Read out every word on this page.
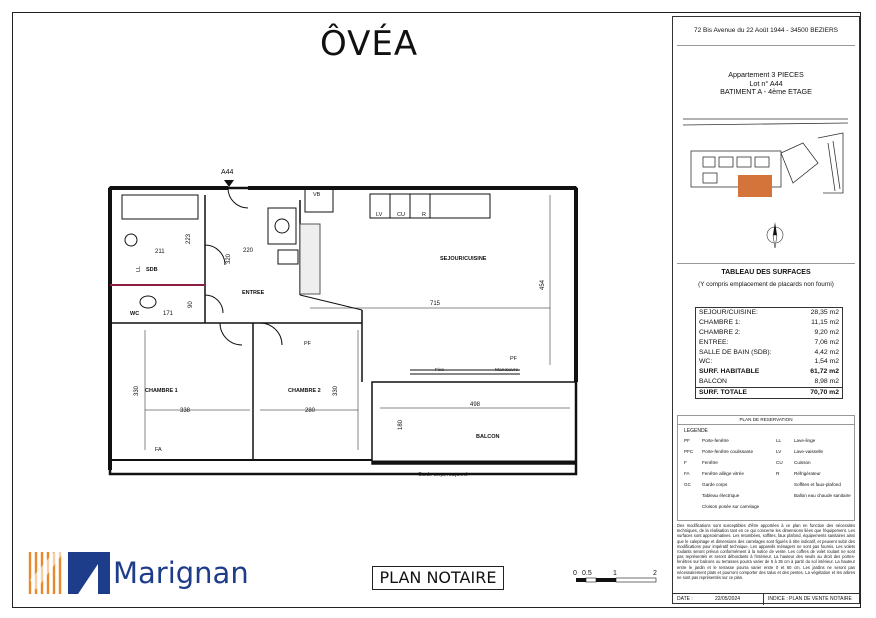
ÔVÉA
SEJOUR/CUISINE
SDB
WC
ENTREE
CHAMBRE 1	CHAMBRE 2
BALCON
A44
211
223
220
320
171
90	715
454
338
330
280
330
498
180
VB
LV	CU	R
LL
PF
PF
FA
Fixe	Manœuvre
Garde-corps maçonné
72 Bis Avenue du 22 Août 1944 - 34500 BEZIERS
Appartement 3 PIECES
Lot n° A44
BATIMENT A - 4ème ETAGE
TABLEAU DES SURFACES
(Y compris emplacement de placards non fourni)
SEJOUR/CUISINE:	28,35 m2
CHAMBRE 1:	11,15 m2
CHAMBRE 2:	9,20 m2
ENTREE:	7,06 m2
SALLE DE BAIN (SDB):	4,42 m2
WC:	1,54 m2
SURF. HABITABLE	61,72 m2
BALCON	8,98 m2
SURF. TOTALE	70,70 m2
PLAN DE RESERVATION
LEGENDE
PF	Porte-fenêtre
PFC	Porte-fenêtre coulissante
F	Fenêtre
FA	Fenêtre allège vitrée
GC	Garde corps
Tableau électrique
Cloison posée sur carrelage
LL	Lave-linge
LV	Lave-vaisselle
CU	Cuisson
R	Réfrigérateur
Soffites et faux-plafond
Ballon eau chaude sanitaire
Des modifications sont susceptibles d'être apportées à ce plan en fonction des nécessités techniques, de la réalisation tant en ce qui concerne les dimensions liées que l'équipement. Les surfaces sont approximatives. Les retombées, soffites, faux plafond, équipements sanitaires ainsi que le calepinage et dimensions des carrelages sont figurés à titre indicatif, et peuvent subir des modifications pour impératif technique. Les appareils ménagers ne sont pas fournis. Les volets roulants seront prévus conformément à la notice de vente. Les coffres de volet roulant ne sont pas représentés et seront débordants à l'intérieur. La hauteur des seuils au droit des portes-fenêtres sur balcons ou terrasses pourra varier de 5 à 35 cm à partir du sol intérieur. La hauteur entre le jardin et le terrasse pourra varier entre 0 et 60 cm. Les jardins ne seront pas nécessairement plats et pourront comporter des talus et des pentes. La végétation et les arbres ne sont pas représentés sur ce plan.
DATE :	22/05/2024	INDICE : PLAN DE VENTE NOTAIRE
Marignan	PLAN NOTAIRE	0 0.5	1	2
